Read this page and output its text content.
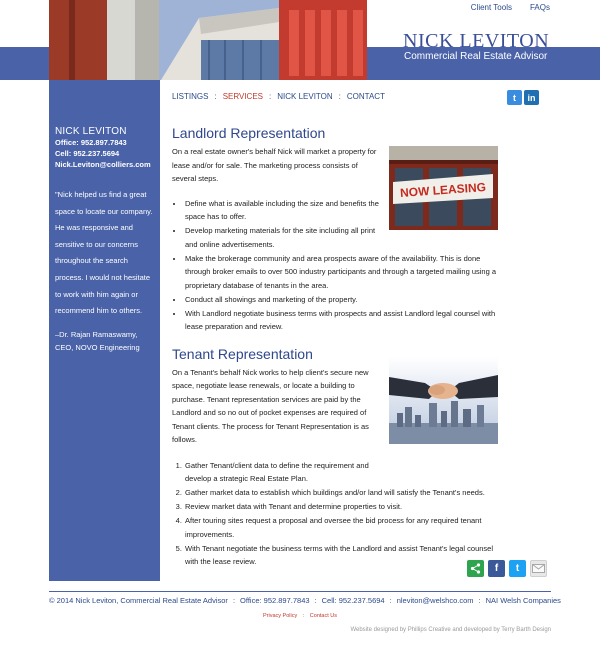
Client Tools FAQs
NICK LEVITON
Commercial Real Estate Advisor
LISTINGS : SERVICES : NICK LEVITON : CONTACT	t	in
NICK LEVITON
Office: 952.897.7843
Cell: 952.237.5694
Nick.Leviton@colliers.com
"Nick helped us find a great space to locate our company. He was responsive and sensitive to our concerns throughout the search process. I would not hesitate to work with him again or recommend him to others.
–Dr. Rajan Ramaswamy,
CEO, NOVO Engineering
Landlord Representation
On a real estate owner's behalf Nick will market a property for lease and/or for sale. The marketing process consists of several steps.
• Define what is available including the size and benefits the space has to offer.
• Develop marketing materials for the site including all print and online advertisements.
• Make the brokerage community and area prospects aware of the availability. This is done through broker emails to over 500 industry participants and through a targeted mailing using a proprietary database of tenants in the area.
• Conduct all showings and marketing of the property.
• With Landlord negotiate business terms with prospects and assist Landlord legal counsel with lease preparation and review.
Tenant Representation
On a Tenant's behalf Nick works to help client's secure new space, negotiate lease renewals, or locate a building to purchase. Tenant representation services are paid by the Landlord and so no out of pocket expenses are required of Tenant clients. The process for Tenant Representation is as follows.
1. Gather Tenant/client data to define the requirement and develop a strategic Real Estate Plan.
2. Gather market data to establish which buildings and/or land will satisfy the Tenant's needs.
3. Review market data with Tenant and determine properties to visit.
4. After touring sites request a proposal and oversee the bid process for any required tenant improvements.
5. With Tenant negotiate the business terms with the Landlord and assist Tenant's legal counsel with the lease review.
NOW LEASING
f	t
© 2014 Nick Leviton, Commercial Real Estate Advisor : Office: 952.897.7843 : Cell: 952.237.5694 : nleviton@welshco.com : NAI Welsh Companies
Privacy Policy : Contact Us
Website designed by Phillips Creative and developed by Terry Barth Design
